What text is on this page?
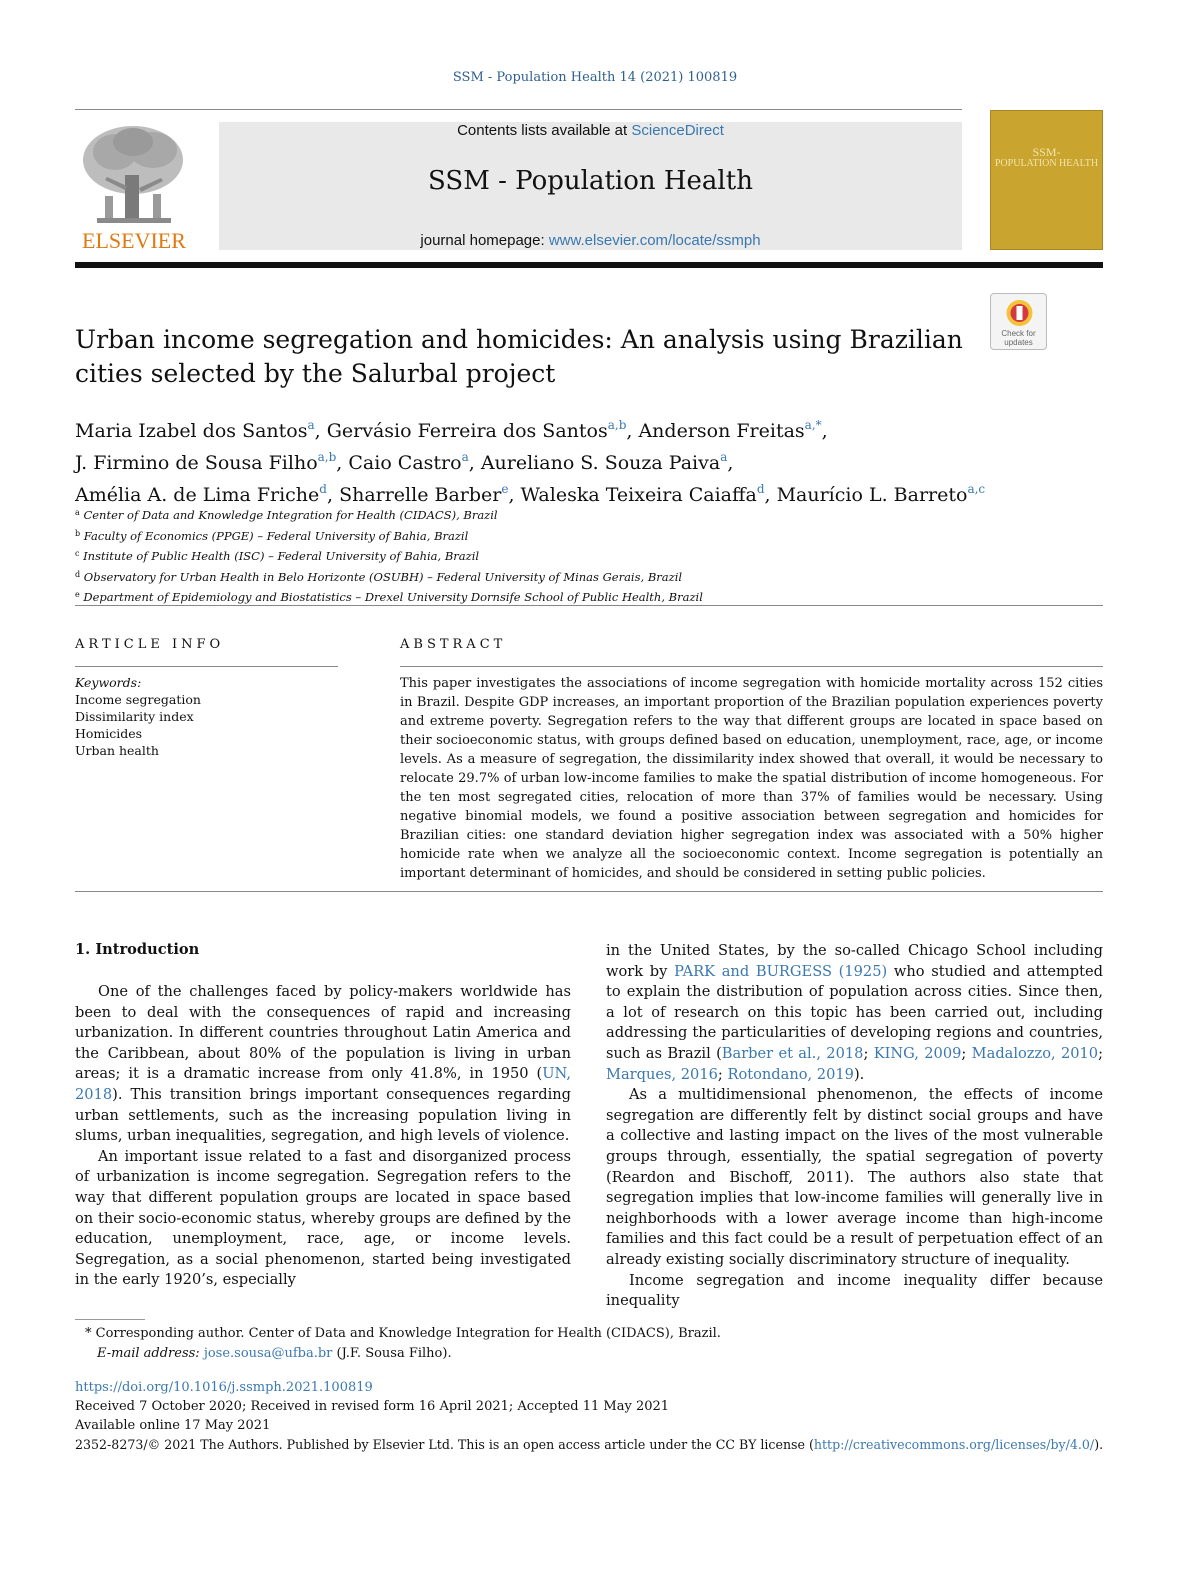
SSM - Population Health 14 (2021) 100819
ELSEVIER
Contents lists available at ScienceDirect
SSM - Population Health
journal homepage: www.elsevier.com/locate/ssmph
SSM-
POPULATION HEALTH
Check for
updates
Urban income segregation and homicides: An analysis using Brazilian cities selected by the Salurbal project
Maria Izabel dos Santos$^a$, Gervásio Ferreira dos Santos$^{a,b}$, Anderson Freitas$^{a,*}$,
J. Firmino de Sousa Filho$^{a,b}$, Caio Castro$^a$, Aureliano S. Souza Paiva$^a$,
Amélia A. de Lima Friche$^d$, Sharrelle Barber$^e$, Waleska Teixeira Caiaffa$^d$, Maurício L. Barreto$^{a,c}$
$^a$ Center of Data and Knowledge Integration for Health (CIDACS), Brazil
$^b$ Faculty of Economics (PPGE) – Federal University of Bahia, Brazil
$^c$ Institute of Public Health (ISC) – Federal University of Bahia, Brazil
$^d$ Observatory for Urban Health in Belo Horizonte (OSUBH) – Federal University of Minas Gerais, Brazil
$^e$ Department of Epidemiology and Biostatistics – Drexel University Dornsife School of Public Health, Brazil
ARTICLE INFO	ABSTRACT
Keywords:
Income segregation
Dissimilarity index
Homicides
Urban health
This paper investigates the associations of income segregation with homicide mortality across 152 cities in Brazil. Despite GDP increases, an important proportion of the Brazilian population experiences poverty and extreme poverty. Segregation refers to the way that different groups are located in space based on their socioeconomic status, with groups defined based on education, unemployment, race, age, or income levels. As a measure of segregation, the dissimilarity index showed that overall, it would be necessary to relocate 29.7% of urban low-income families to make the spatial distribution of income homogeneous. For the ten most segregated cities, relocation of more than 37% of families would be necessary. Using negative binomial models, we found a positive association between segregation and homicides for Brazilian cities: one standard deviation higher segregation index was associated with a 50% higher homicide rate when we analyze all the socioeconomic context. Income segregation is potentially an important determinant of homicides, and should be considered in setting public policies.
1. Introduction

One of the challenges faced by policy-makers worldwide has been to deal with the consequences of rapid and increasing urbanization. In different countries throughout Latin America and the Caribbean, about 80% of the population is living in urban areas; it is a dramatic increase from only 41.8%, in 1950 (UN, 2018). This transition brings important consequences regarding urban settlements, such as the increasing population living in slums, urban inequalities, segregation, and high levels of violence.

An important issue related to a fast and disorganized process of urbanization is income segregation. Segregation refers to the way that different population groups are located in space based on their socio-economic status, whereby groups are defined by the education, unemployment, race, age, or income levels. Segregation, as a social phenomenon, started being investigated in the early 1920’s, especially

in the United States, by the so-called Chicago School including work by PARK and BURGESS (1925) who studied and attempted to explain the distribution of population across cities. Since then, a lot of research on this topic has been carried out, including addressing the particularities of developing regions and countries, such as Brazil (Barber et al., 2018; KING, 2009; Madalozzo, 2010; Marques, 2016; Rotondano, 2019).

As a multidimensional phenomenon, the effects of income segregation are differently felt by distinct social groups and have a collective and lasting impact on the lives of the most vulnerable groups through, essentially, the spatial segregation of poverty (Reardon and Bischoff, 2011). The authors also state that segregation implies that low-income families will generally live in neighborhoods with a lower average income than high-income families and this fact could be a result of perpetuation effect of an already existing socially discriminatory structure of inequality.

Income segregation and income inequality differ because inequality

* Corresponding author. Center of Data and Knowledge Integration for Health (CIDACS), Brazil.
E-mail address: jose.sousa@ufba.br (J.F. Sousa Filho).
https://doi.org/10.1016/j.ssmph.2021.100819
Received 7 October 2020; Received in revised form 16 April 2021; Accepted 11 May 2021
Available online 17 May 2021
2352-8273/© 2021 The Authors. Published by Elsevier Ltd. This is an open access article under the CC BY license (http://creativecommons.org/licenses/by/4.0/).
